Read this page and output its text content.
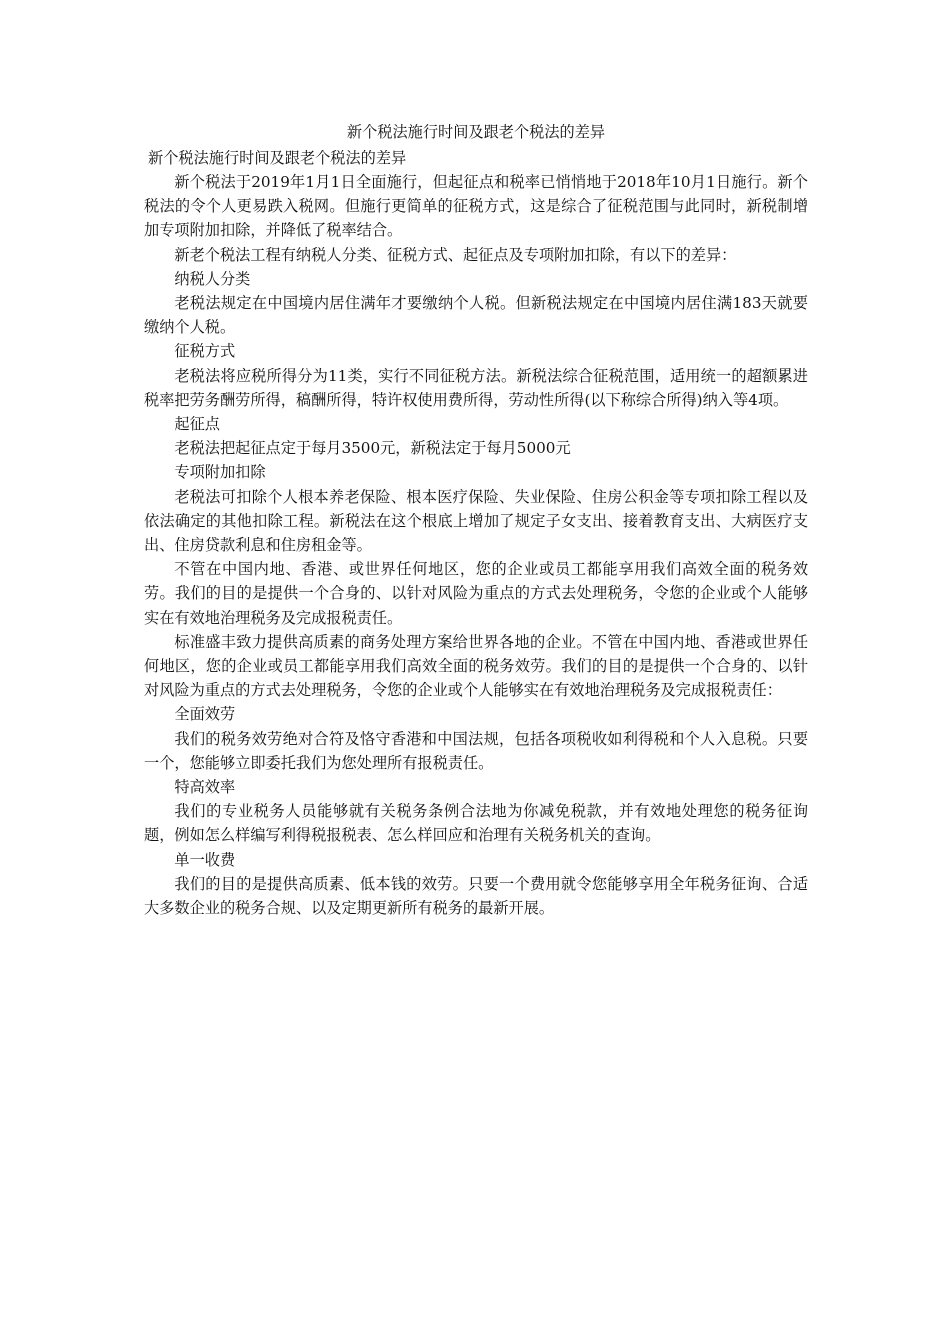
新个税法施行时间及跟老个税法的差异
新个税法施行时间及跟老个税法的差异

新个税法于2019年1月1日全面施行，但起征点和税率已悄悄地于2018年10月1日施行。新个税法的令个人更易跌入税网。但施行更简单的征税方式，这是综合了征税范围与此同时，新税制增加专项附加扣除，并降低了税率结合。

新老个税法工程有纳税人分类、征税方式、起征点及专项附加扣除，有以下的差异：

纳税人分类

老税法规定在中国境内居住满年才要缴纳个人税。但新税法规定在中国境内居住满183天就要缴纳个人税。

征税方式

老税法将应税所得分为11类，实行不同征税方法。新税法综合征税范围，适用统一的超额累进税率把劳务酬劳所得，稿酬所得，特许权使用费所得，劳动性所得(以下称综合所得)纳入等4项。

起征点

老税法把起征点定于每月3500元，新税法定于每月5000元

专项附加扣除

老税法可扣除个人根本养老保险、根本医疗保险、失业保险、住房公积金等专项扣除工程以及依法确定的其他扣除工程。新税法在这个根底上增加了规定子女支出、接着教育支出、大病医疗支出、住房贷款利息和住房租金等。

不管在中国内地、香港、或世界任何地区，您的企业或员工都能享用我们高效全面的税务效劳。我们的目的是提供一个合身的、以针对风险为重点的方式去处理税务，令您的企业或个人能够实在有效地治理税务及完成报税责任。

标准盛丰致力提供高质素的商务处理方案给世界各地的企业。不管在中国内地、香港或世界任何地区，您的企业或员工都能享用我们高效全面的税务效劳。我们的目的是提供一个合身的、以针对风险为重点的方式去处理税务，令您的企业或个人能够实在有效地治理税务及完成报税责任：

全面效劳

我们的税务效劳绝对合符及恪守香港和中国法规，包括各项税收如利得税和个人入息税。只要一个，您能够立即委托我们为您处理所有报税责任。

特高效率

我们的专业税务人员能够就有关税务条例合法地为你减免税款，并有效地处理您的税务征询题，例如怎么样编写利得税报税表、怎么样回应和治理有关税务机关的查询。

单一收费

我们的目的是提供高质素、低本钱的效劳。只要一个费用就令您能够享用全年税务征询、合适大多数企业的税务合规、以及定期更新所有税务的最新开展。
